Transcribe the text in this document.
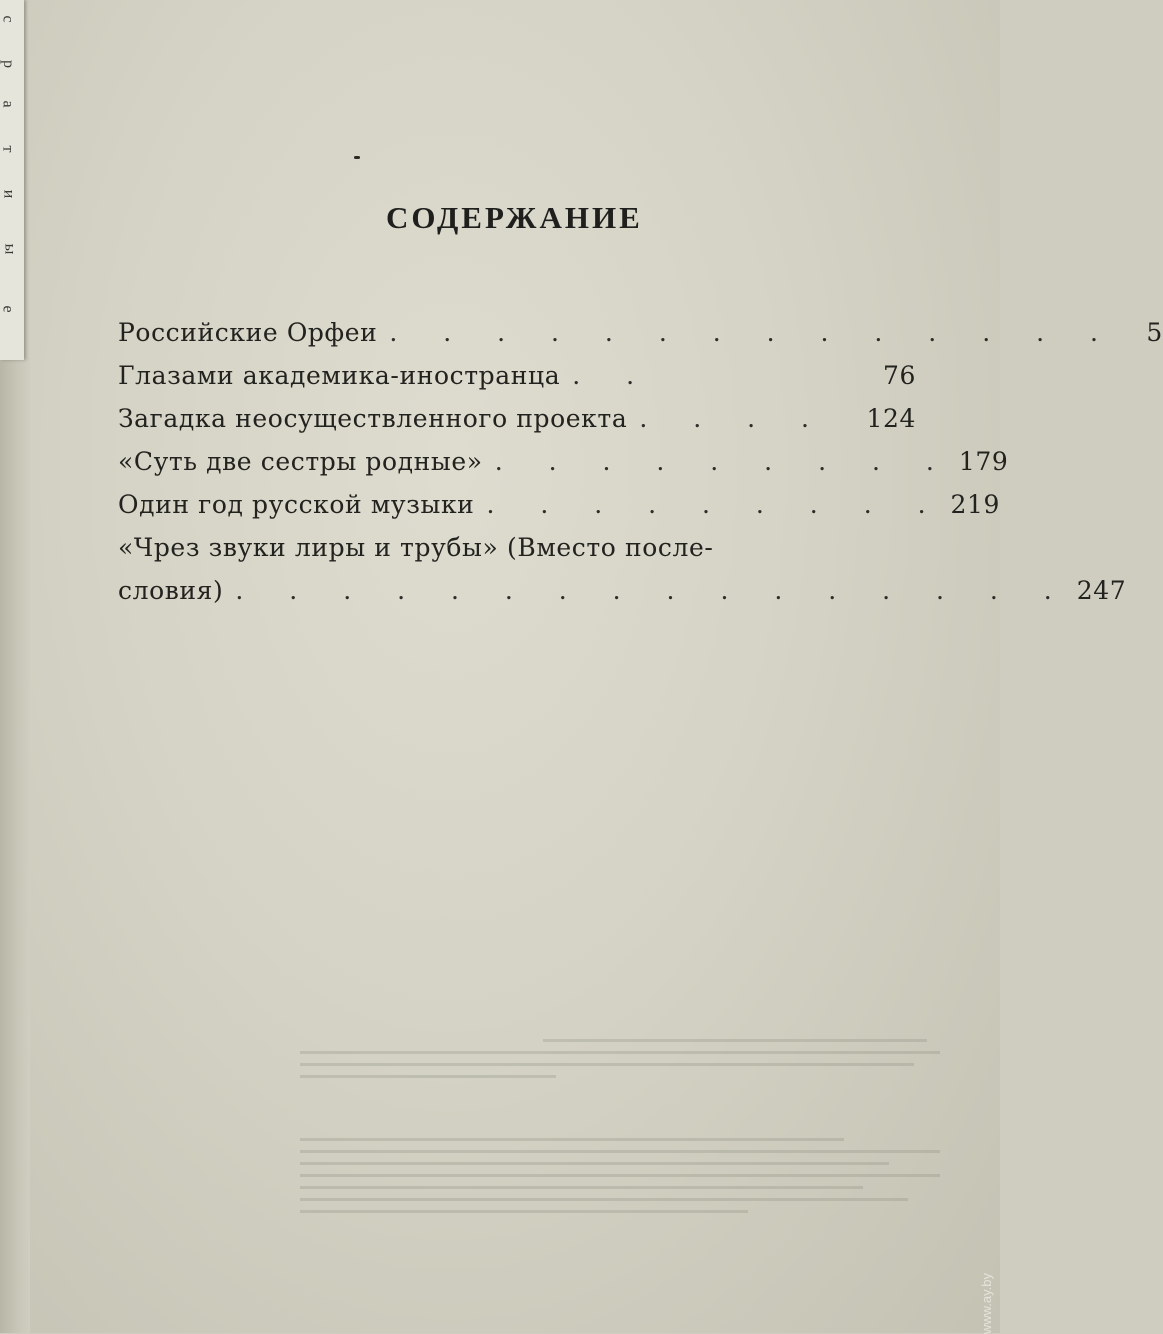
с
р
а
т
и
ы
е
СОДЕРЖАНИЕ
Российские Орфеи . . . . . . . . . . . . . .	5
Глазами академика-иностранца . .	76
Загадка неосуществленного проекта . . . .	124
«Суть две сестры родные» . . . . . . . . . 179
Один год русской музыки . . . . . . . . . 219
«Чрез звуки лиры и трубы» (Вместо после-
словия) . . . . . . . . . . . . . . . . 247
www.ay.by
